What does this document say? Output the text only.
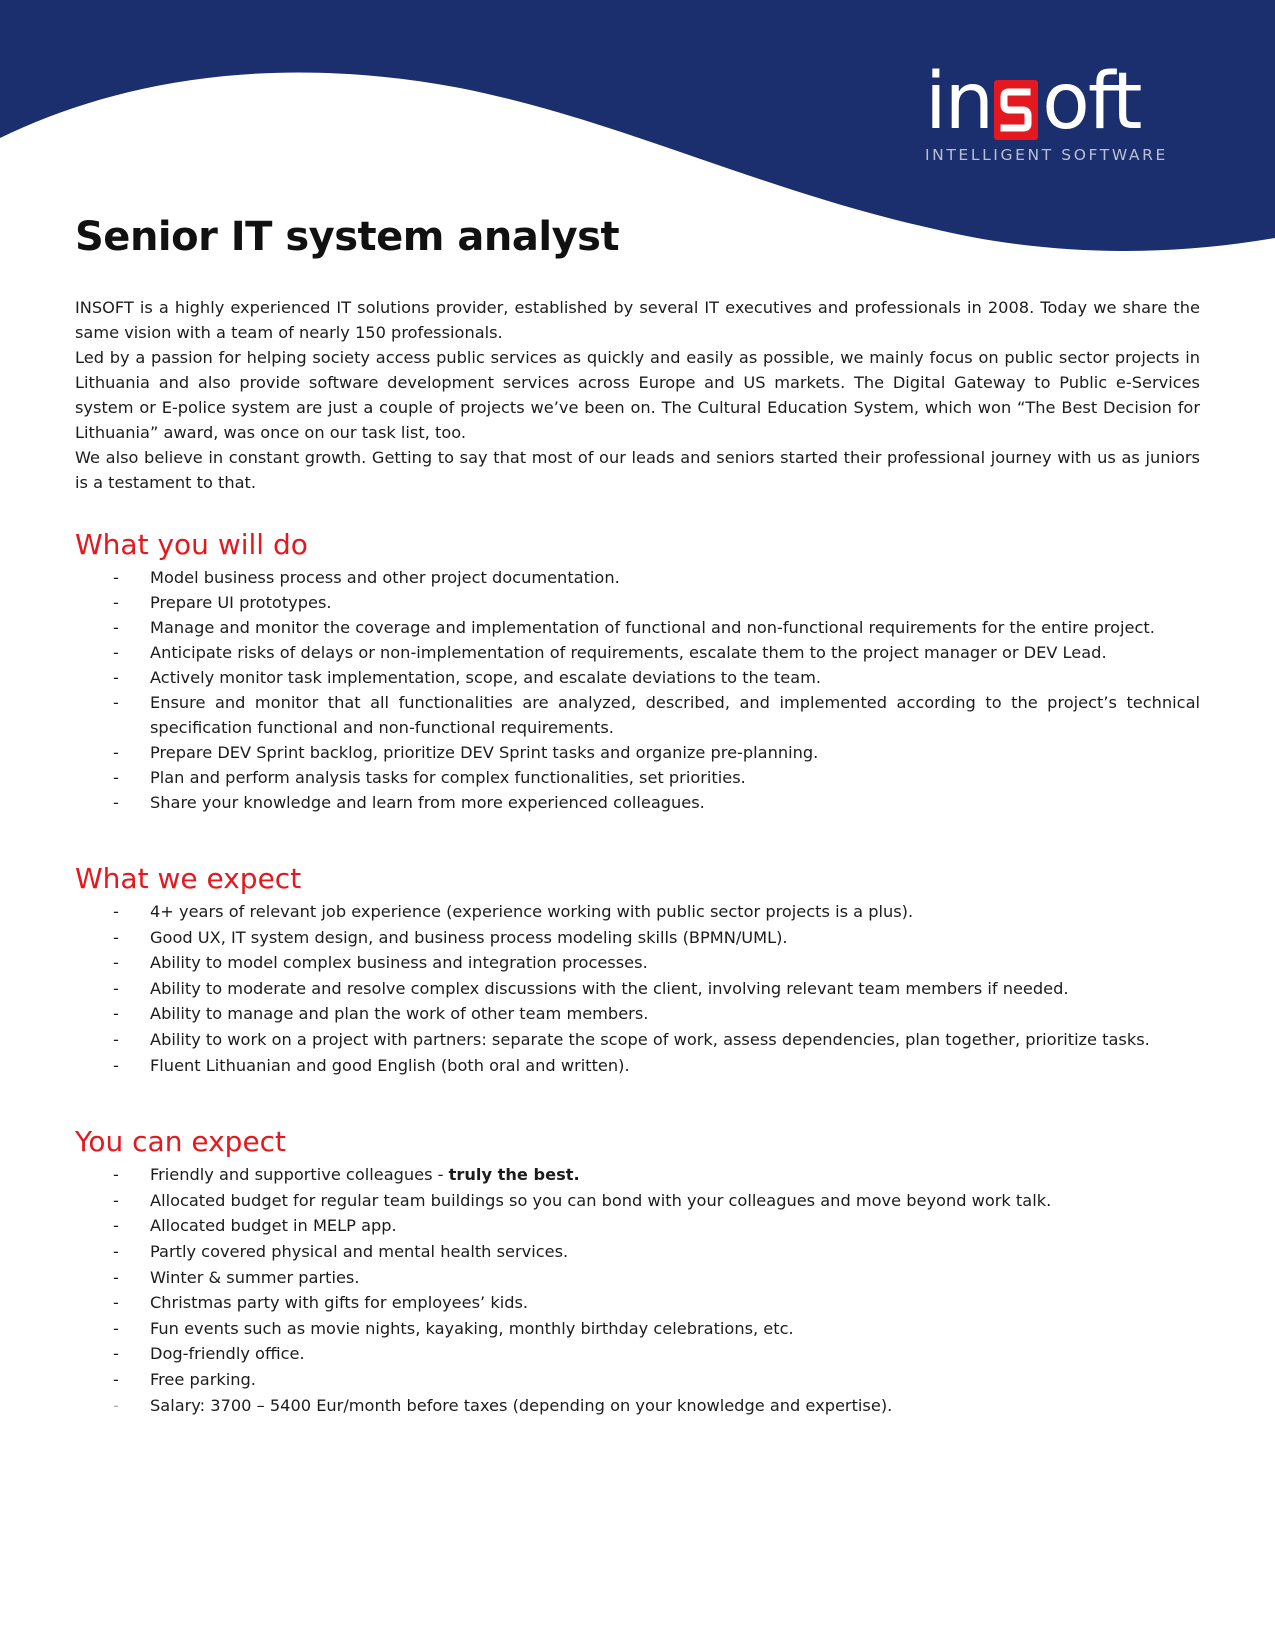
in oft
INTELLIGENT SOFTWARE
Senior IT system analyst

INSOFT is a highly experienced IT solutions provider, established by several IT executives and professionals in 2008. Today we share the same vision with a team of nearly 150 professionals.

Led by a passion for helping society access public services as quickly and easily as possible, we mainly focus on public sector projects in Lithuania and also provide software development services across Europe and US markets. The Digital Gateway to Public e-Services system or E-police system are just a couple of projects we’ve been on. The Cultural Education System, which won “The Best Decision for Lithuania” award, was once on our task list, too.

We also believe in constant growth. Getting to say that most of our leads and seniors started their professional journey with us as juniors is a testament to that.

What you will do
- Model business process and other project documentation.
- Prepare UI prototypes.
- Manage and monitor the coverage and implementation of functional and non-functional requirements for the entire project.
- Anticipate risks of delays or non-implementation of requirements, escalate them to the project manager or DEV Lead.
- Actively monitor task implementation, scope, and escalate deviations to the team.
- Ensure and monitor that all functionalities are analyzed, described, and implemented according to the project’s technical specification functional and non-functional requirements.
- Prepare DEV Sprint backlog, prioritize DEV Sprint tasks and organize pre-planning.
- Plan and perform analysis tasks for complex functionalities, set priorities.
- Share your knowledge and learn from more experienced colleagues.
What we expect
- 4+ years of relevant job experience (experience working with public sector projects is a plus).
- Good UX, IT system design, and business process modeling skills (BPMN/UML).
- Ability to model complex business and integration processes.
- Ability to moderate and resolve complex discussions with the client, involving relevant team members if needed.
- Ability to manage and plan the work of other team members.
- Ability to work on a project with partners: separate the scope of work, assess dependencies, plan together, prioritize tasks.
- Fluent Lithuanian and good English (both oral and written).
You can expect
- Friendly and supportive colleagues - truly the best.
- Allocated budget for regular team buildings so you can bond with your colleagues and move beyond work talk.
- Allocated budget in MELP app.
- Partly covered physical and mental health services.
- Winter & summer parties.
- Christmas party with gifts for employees’ kids.
- Fun events such as movie nights, kayaking, monthly birthday celebrations, etc.
- Dog-friendly office.
- Free parking.
- Salary: 3700 – 5400 Eur/month before taxes (depending on your knowledge and expertise).
